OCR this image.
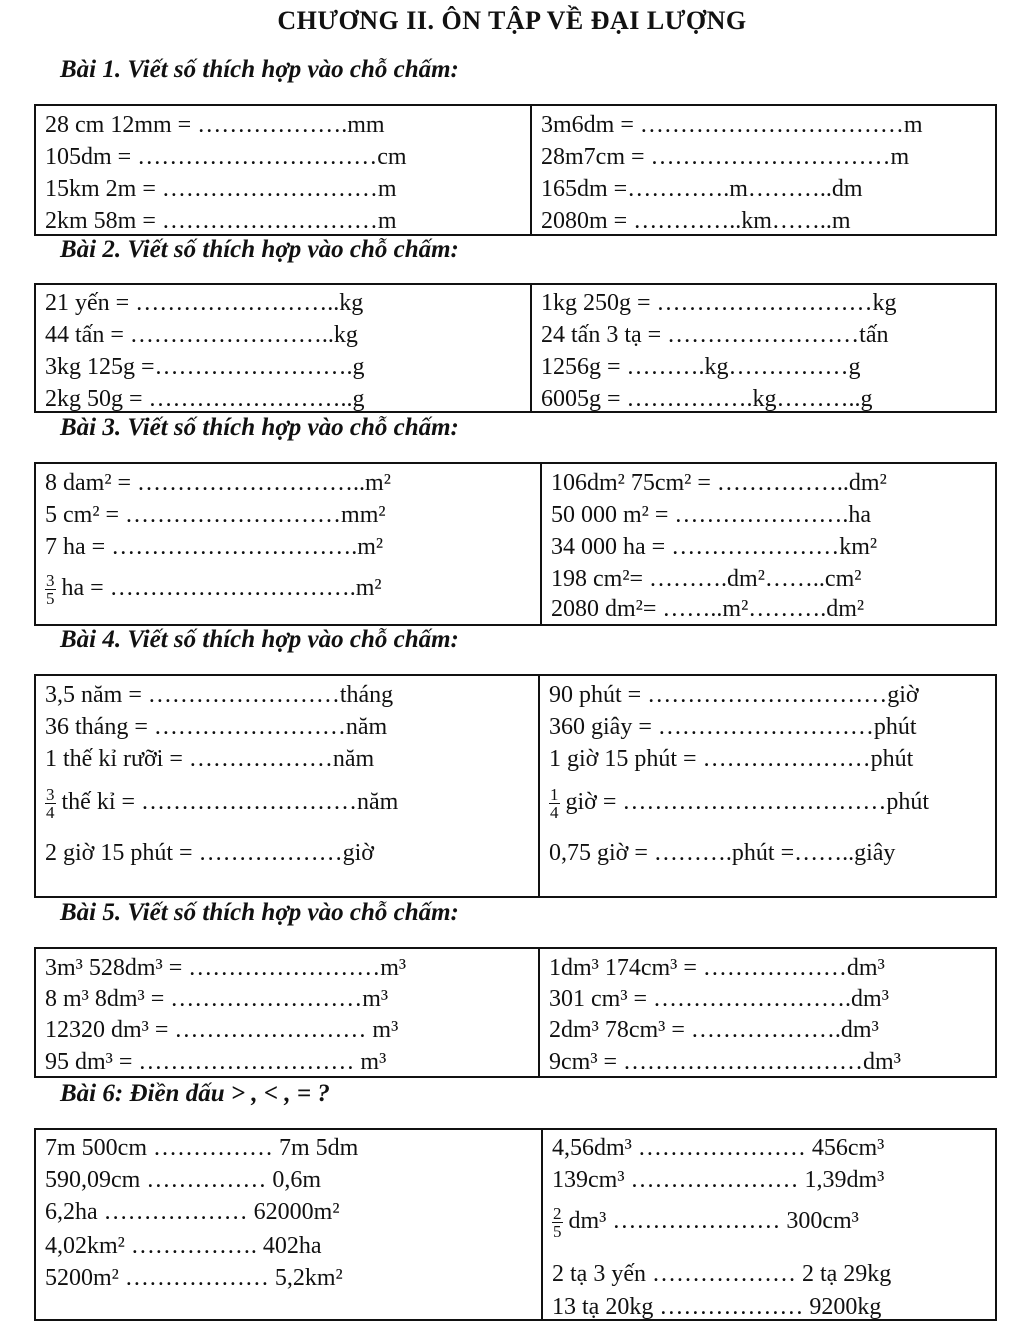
CHƯƠNG II. ÔN TẬP VỀ ĐẠI LƯỢNG
Bài 1. Viết số thích hợp vào chỗ chấm:
28 cm 12mm = ……………….mm
105dm = …………………………cm
15km 2m = ………………………m
2km 58m = ………………………m
3m6dm = ……………………………m
28m7cm = …………………………m
165dm =………….m………..dm
2080m = …………..km……..m
Bài 2. Viết số thích hợp vào chỗ chấm:
21 yến = ……………………..kg
44 tấn = ……………………..kg
3kg 125g =…………………….g
2kg 50g = ……………………..g
1kg 250g = ………………………kg
24 tấn 3 tạ = ……………………tấn
1256g = ……….kg……………g
6005g = …………….kg………..g
Bài 3. Viết số thích hợp vào chỗ chấm:
8 dam² = ………………………..m²
5 cm² = ………………………mm²
7 ha = ………………………….m²
$\frac{3}{5}$ ha = ………………………….m²
106dm² 75cm² = ……………..dm²
50 000 m² = ………………….ha
34 000 ha = …………………km²
198 cm²= ……….dm²……..cm²
2080 dm²= ……..m²……….dm²
Bài 4. Viết số thích hợp vào chỗ chấm:
3,5 năm = ……………………tháng
36 tháng = ……………………năm
1 thế kỉ rưỡi = ………………năm
$\frac{3}{4}$ thế kỉ = ………………………năm
2 giờ 15 phút = ………………giờ
90 phút = …………………………giờ
360 giây = ………………………phút
1 giờ 15 phút = …………………phút
$\frac{1}{4}$ giờ = ……………………………phút
0,75 giờ = ……….phút =……..giây
Bài 5. Viết số thích hợp vào chỗ chấm:
3m³ 528dm³ = ……………………m³
8 m³ 8dm³ = ……………………m³
12320 dm³ = …………………… m³
95 dm³ = ……………………… m³
1dm³ 174cm³ = ………………dm³
301 cm³ = …………………….dm³
2dm³ 78cm³ = ……………….dm³
9cm³ = …………………………dm³
Bài 6: Điền dấu > , < , = ?
7m 500cm …………… 7m 5dm
590,09cm …………… 0,6m
6,2ha ……………… 62000m²
4,02km² ……………. 402ha
5200m² ……………… 5,2km²
4,56dm³ ………………… 456cm³
139cm³ ………………… 1,39dm³
$\frac{2}{5} dm^3$ ………………… 300cm³
2 tạ 3 yến ……………… 2 tạ 29kg
13 tạ 20kg ……………… 9200kg
